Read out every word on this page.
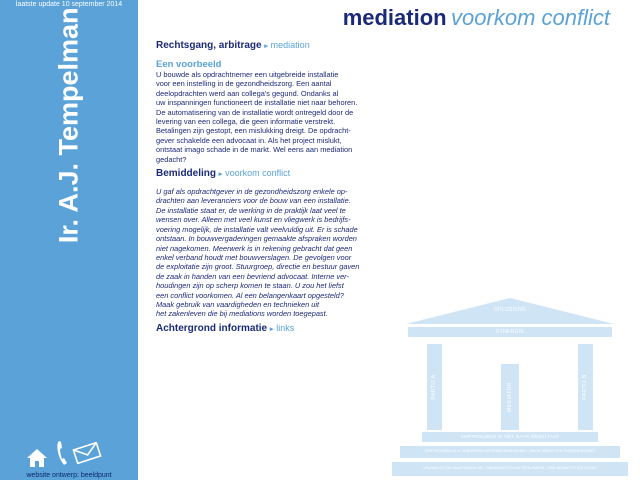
laatste update 10 september 2014
Ir. A.J. Tempelman
website ontwerp: beeldpunt
mediation voorkom conflict
Rechtsgang, arbitrage ▸ mediation
Een voorbeeld

U bouwde als opdrachtnemer een uitgebreide installatie

voor een instelling in de gezondheidszorg. Een aantal

deelopdrachten werd aan collega's gegund. Ondanks al

uw inspanningen functioneert de installatie niet naar behoren.

De automatisering van de installatie wordt ontregeld door de

levering van een collega, die geen informatie verstrekt.

Betalingen zijn gestopt, een mislukking dreigt. De opdracht-

gever schakelde een advocaat in. Als het project mislukt,

ontstaat imago schade in de markt. Wel eens aan mediation

gedacht?

Bemiddeling ▸ voorkom conflict

U gaf als opdrachtgever in de gezondheidszorg enkele op-

drachten aan leveranciers voor de bouw van een installatie.

De installatie staat er, de werking in de praktijk laat veel te

wensen over. Alleen met veel kunst en vliegwerk is bedrijfs-

voering mogelijk, de installatie valt veelvuldig uit. Er is schade

ontstaan. In bouwvergaderingen gemaakte afspraken worden

niet nagekomen. Meerwerk is in rekening gebracht dat geen

enkel verband houdt met bouwverslagen. De gevolgen voor

de exploitatie zijn groot. Stuurgroep, directie en bestuur gaven

de zaak in handen van een bevriend advocaat. Interne ver-

houdingen zijn op scherp komen te staan. U zou het liefst

een conflict voorkomen. Al een belangenkaart opgesteld?

Maak gebruik van vaardigheden en technieken uit

het zakenleven die bij mediations worden toegepast.

Achtergrond informatie ▸ links
OPLOSSING
SYNERGIE
PARTIJ A	MEDIATOR	PARTIJ B
VERTROUWEN IN HET NAAR RESULTAAT
VERTROUWELIJK & GEBONDEN INFORMATIEBRONNEN • MEDE MEDIATION OVEREENKOMST
VRIJWILLIG EN ONAFHANKELIJK • SAMENGESTELDE REGLEMENT • NMI MEDIATOR INSTITUUT
